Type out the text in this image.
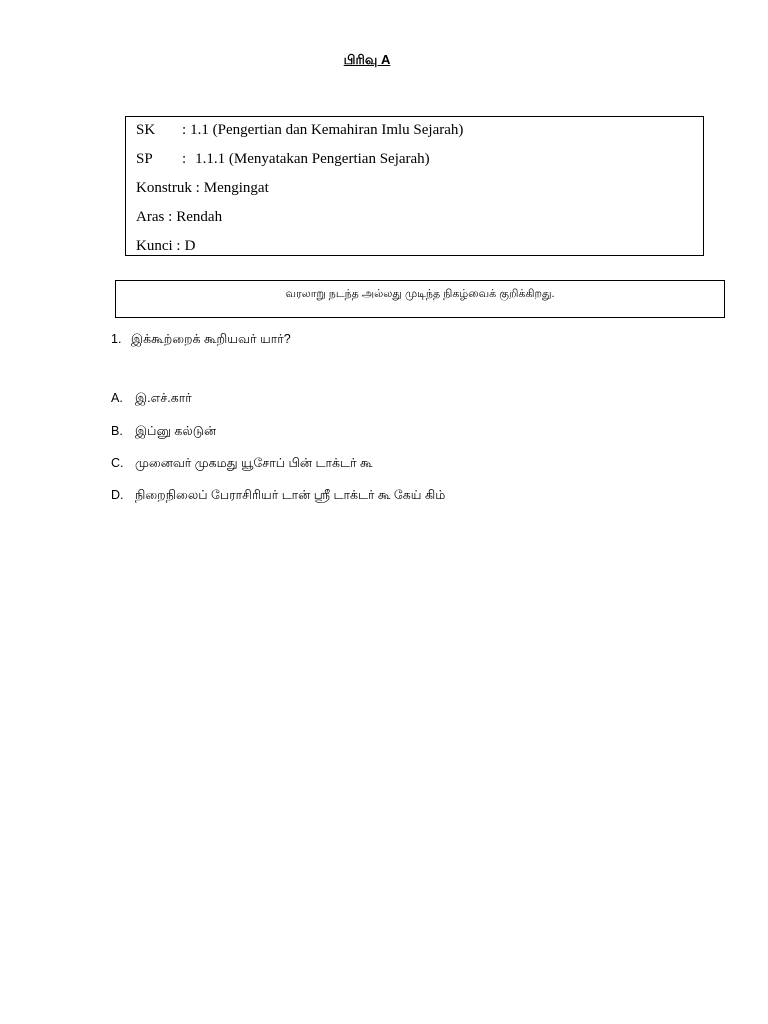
பிரிவு A
SK : 1.1 (Pengertian dan Kemahiran Imlu Sejarah)
SP : 1.1.1 (Menyatakan Pengertian Sejarah)
Konstruk : Mengingat
Aras : Rendah
Kunci : D
வரலாறு நடந்த அல்லது முடிந்த நிகழ்வைக் குறிக்கிறது.
1. இக்கூற்றைக் கூறியவர் யார்?
A. இ.எச்.கார்
B. இப்னு கல்டுன்
C. முனைவர் முகமது யூசோப் பின் டாக்டர் கூ
D. நிறைநிலைப் பேராசிரியர் டான் ஸ்ரீ டாக்டர் கூ கேய் கிம்
